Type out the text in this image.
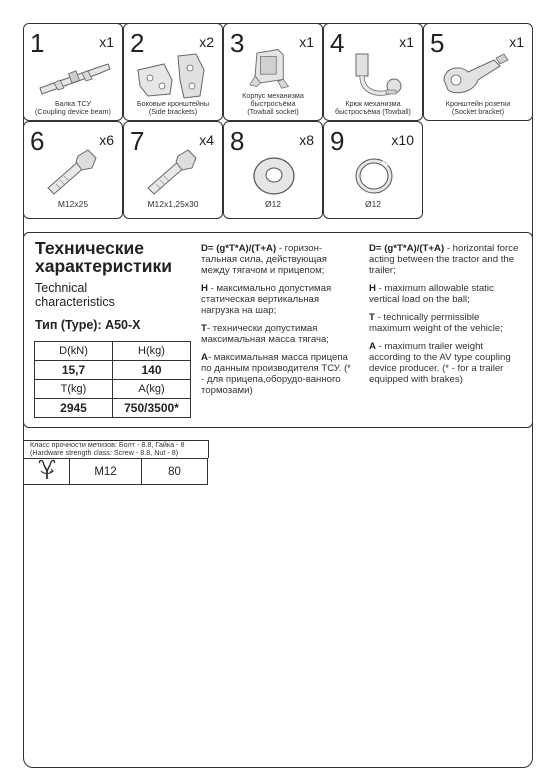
1	x1
Балка ТСУ
(Coupling device beam)
2	x2
Боковые кронштейны
(Side brackets)
3	x1
Корпус механизма
быстросъёма
(Towball socket)
4	x1
Крюк механизма
быстросъёма (Towball)
5	x1
Кронштейн розетки
(Socket bracket)
6	x6
M12x25
7	x4
M12x1,25x30
8	x8
Ø12
9	x10
Ø12
Технические
характеристики
Technical
characteristics
Тип (Type): A50-X
D(kN)	H(kg)
15,7	140
T(kg)	A(kg)
2945	750/3500*

D= (g*T*A)/(T+A) - горизон-тальная сила, действующая между тягачом и прицепом;

H - максимально допустимая статическая вертикальная нагрузка на шар;

T- технически допустимая максимальная масса тягача;

A- максимальная масса прицепа по данным производителя ТСУ. (* - для прицепа,оборудо-ванного тормозами)

D= (g*T*A)/(T+A) - horizontal force acting between the tractor and the trailer;

H - maximum allowable static vertical load on the ball;

T - technically permissible maximum weight of the vehicle;

A - maximum trailer weight according to the AV type coupling device producer. (* - for a trailer equipped with brakes)

Класс прочности метизов: Болт - 8.8, Гайка - 8
(Hardware strength class: Screw - 8.8, Nut - 8)
	M12	80
